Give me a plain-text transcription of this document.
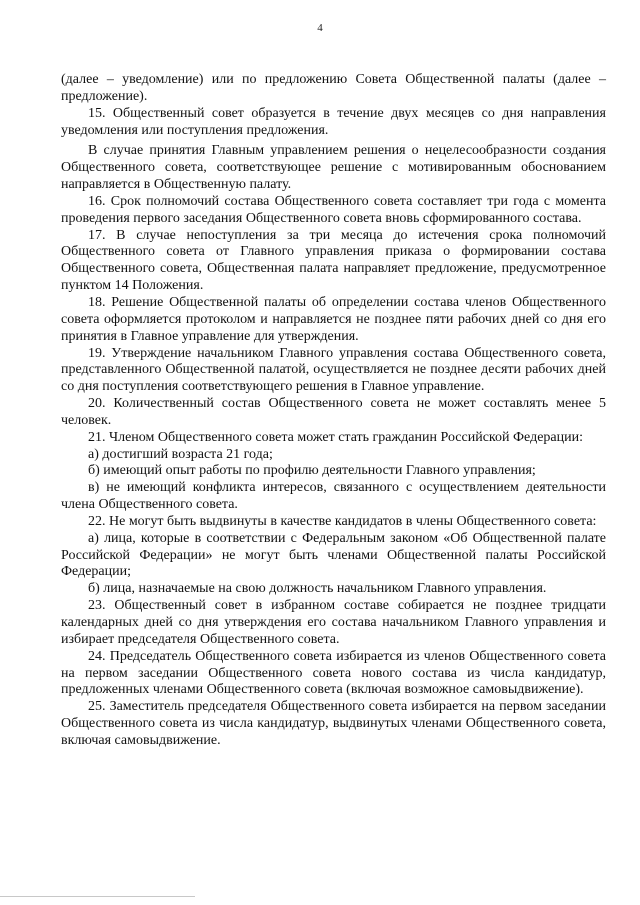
4

(далее – уведомление) или по предложению Совета Общественной палаты (далее – предложение).

15. Общественный совет образуется в течение двух месяцев со дня направления уведомления или поступления предложения.

В случае принятия Главным управлением решения о нецелесообразности создания Общественного совета, соответствующее решение с мотивированным обоснованием направляется в Общественную палату.

16. Срок полномочий состава Общественного совета составляет три года с момента проведения первого заседания Общественного совета вновь сформированного состава.

17. В случае непоступления за три месяца до истечения срока полномочий Общественного совета от Главного управления приказа о формировании состава Общественного совета, Общественная палата направляет предложение, предусмотренное пунктом 14 Положения.

18. Решение Общественной палаты об определении состава членов Общественного совета оформляется протоколом и направляется не позднее пяти рабочих дней со дня его принятия в Главное управление для утверждения.

19. Утверждение начальником Главного управления состава Общественного совета, представленного Общественной палатой, осуществляется не позднее десяти рабочих дней со дня поступления соответствующего решения в Главное управление.

20. Количественный состав Общественного совета не может составлять менее 5 человек.

21. Членом Общественного совета может стать гражданин Российской Федерации:

а) достигший возраста 21 года;

б) имеющий опыт работы по профилю деятельности Главного управления;

в) не имеющий конфликта интересов, связанного с осуществлением деятельности члена Общественного совета.

22. Не могут быть выдвинуты в качестве кандидатов в члены Общественного совета:

а) лица, которые в соответствии с Федеральным законом «Об Общественной палате Российской Федерации» не могут быть членами Общественной палаты Российской Федерации;

б) лица, назначаемые на свою должность начальником Главного управления.

23. Общественный совет в избранном составе собирается не позднее тридцати календарных дней со дня утверждения его состава начальником Главного управления и избирает председателя Общественного совета.

24. Председатель Общественного совета избирается из членов Общественного совета на первом заседании Общественного совета нового состава из числа кандидатур, предложенных членами Общественного совета (включая возможное самовыдвижение).

25. Заместитель председателя Общественного совета избирается на первом заседании Общественного совета из числа кандидатур, выдвинутых членами Общественного совета, включая самовыдвижение.
